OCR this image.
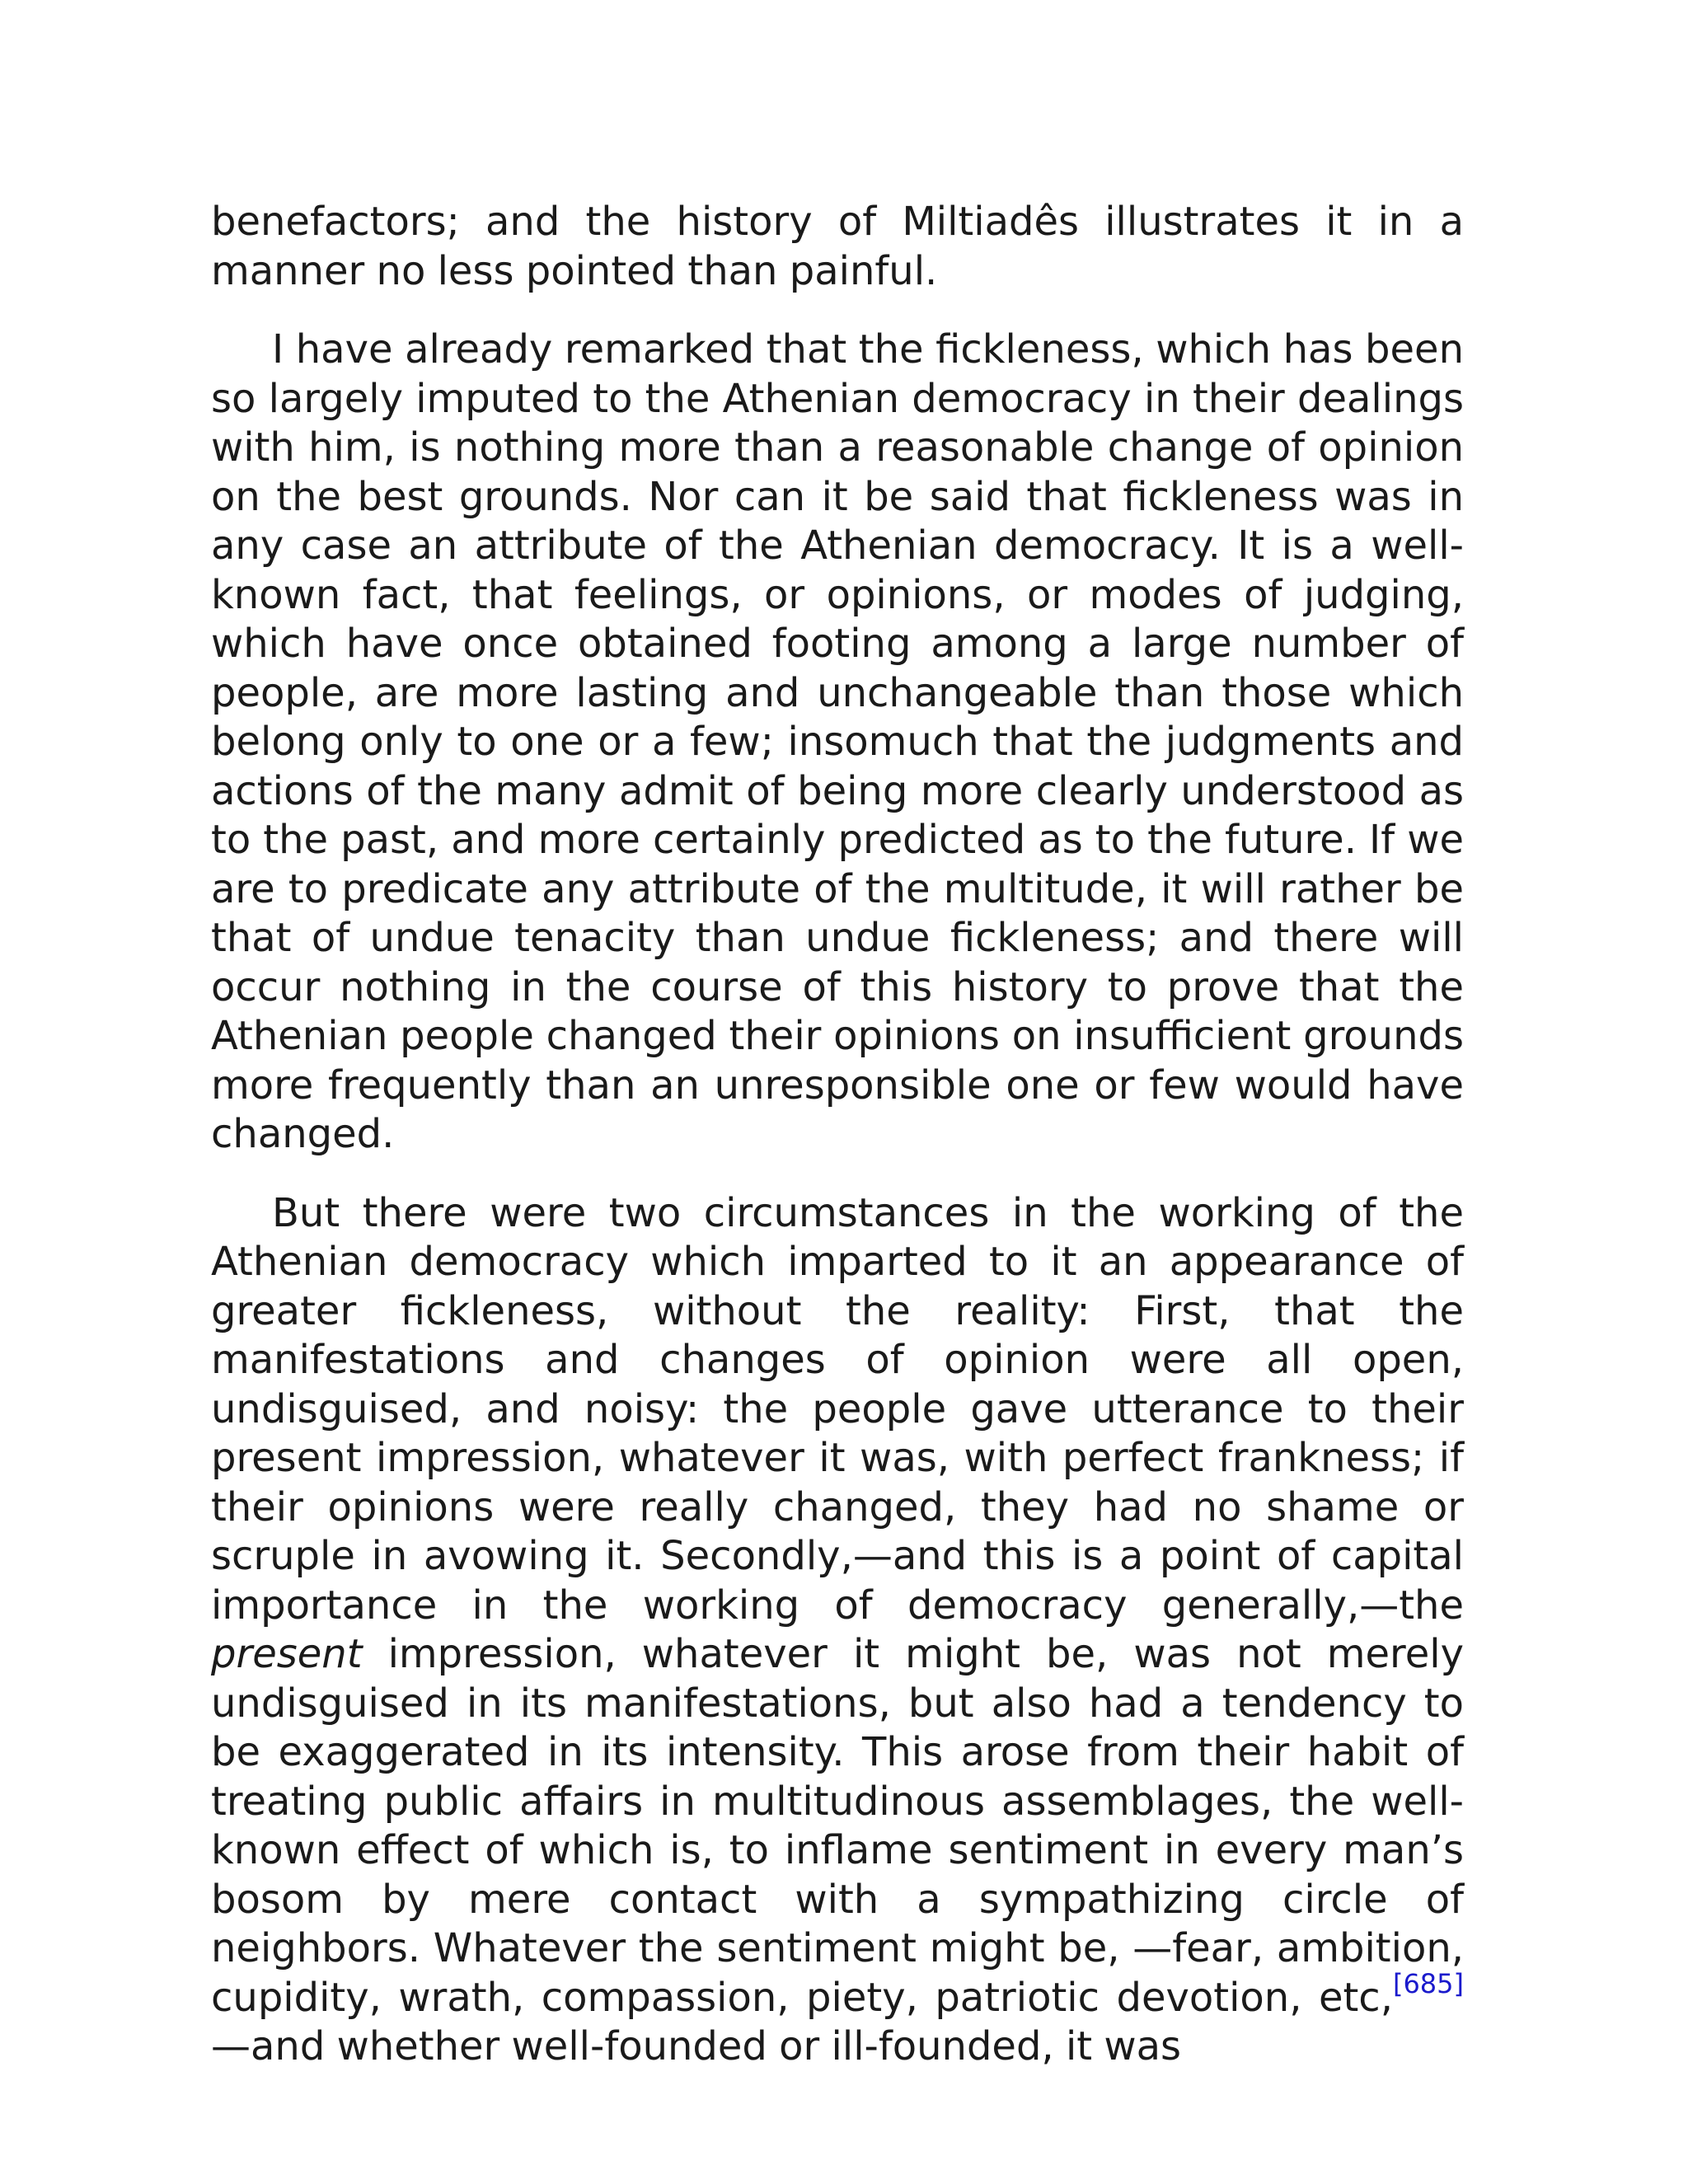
benefactors; and the history of Miltiadês illustrates it in a manner no less pointed than painful.

I have already remarked that the fickleness, which has been so largely imputed to the Athenian democracy in their dealings with him, is nothing more than a reasonable change of opinion on the best grounds. Nor can it be said that fickleness was in any case an attribute of the Athenian democracy. It is a well-known fact, that feelings, or opinions, or modes of judging, which have once obtained footing among a large number of people, are more lasting and unchangeable than those which belong only to one or a few; insomuch that the judgments and actions of the many admit of being more clearly understood as to the past, and more certainly predicted as to the future. If we are to predicate any attribute of the multitude, it will rather be that of undue tenacity than undue fickleness; and there will occur nothing in the course of this history to prove that the Athenian people changed their opinions on insufficient grounds more frequently than an unresponsible one or few would have changed.

But there were two circumstances in the working of the Athenian democracy which imparted to it an appearance of greater fickleness, without the reality: First, that the manifestations and changes of opinion were all open, undisguised, and noisy: the people gave utterance to their present impression, whatever it was, with perfect frankness; if their opinions were really changed, they had no shame or scruple in avowing it. Secondly,—and this is a point of capital importance in the working of democracy generally,—the present impression, whatever it might be, was not merely undisguised in its manifestations, but also had a tendency to be exaggerated in its intensity. This arose from their habit of treating public affairs in multitudinous assemblages, the well-known effect of which is, to inflame sentiment in every man’s bosom by mere contact with a sympathizing circle of neighbors. Whatever the sentiment might be, —fear, ambition, cupidity, wrath, compassion, piety, patriotic devotion, etc,[685]—and whether well-founded or ill-founded, it was
